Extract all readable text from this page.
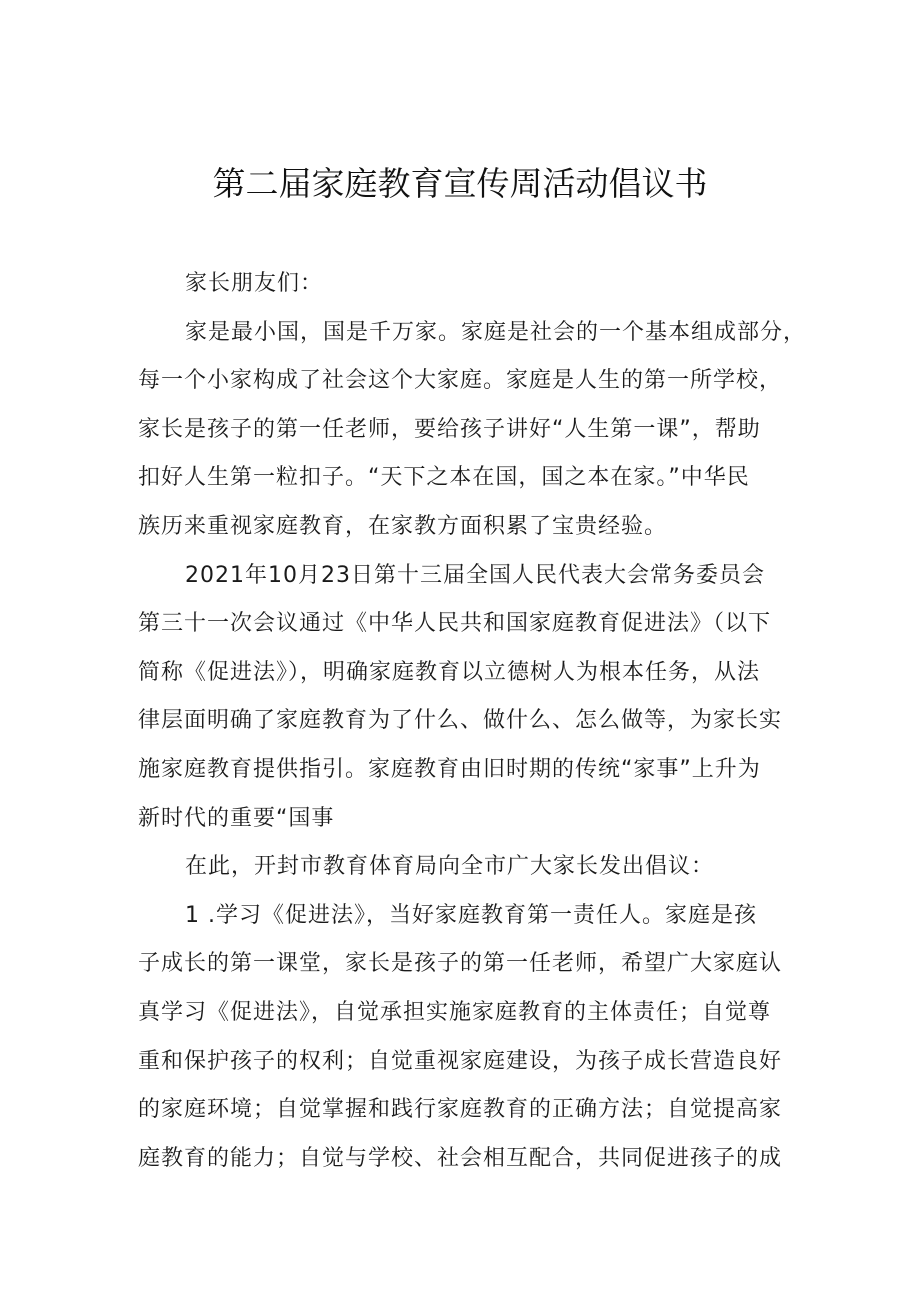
第二届家庭教育宣传周活动倡议书
家长朋友们：
家是最小国，国是千万家。家庭是社会的一个基本组成部分，
每一个小家构成了社会这个大家庭。家庭是人生的第一所学校，
家长是孩子的第一任老师，要给孩子讲好“人生第一课”，帮助
扣好人生第一粒扣子。“天下之本在国，国之本在家。”中华民
族历来重视家庭教育，在家教方面积累了宝贵经验。
2021年10月23日第十三届全国人民代表大会常务委员会
第三十一次会议通过《中华人民共和国家庭教育促进法》（以下
简称《促进法》），明确家庭教育以立德树人为根本任务，从法
律层面明确了家庭教育为了什么、做什么、怎么做等，为家长实
施家庭教育提供指引。家庭教育由旧时期的传统“家事”上升为
新时代的重要“国事
在此，开封市教育体育局向全市广大家长发出倡议：
1 .学习《促进法》，当好家庭教育第一责任人。家庭是孩
子成长的第一课堂，家长是孩子的第一任老师，希望广大家庭认
真学习《促进法》，自觉承担实施家庭教育的主体责任；自觉尊
重和保护孩子的权利；自觉重视家庭建设，为孩子成长营造良好
的家庭环境；自觉掌握和践行家庭教育的正确方法；自觉提高家
庭教育的能力；自觉与学校、社会相互配合，共同促进孩子的成
